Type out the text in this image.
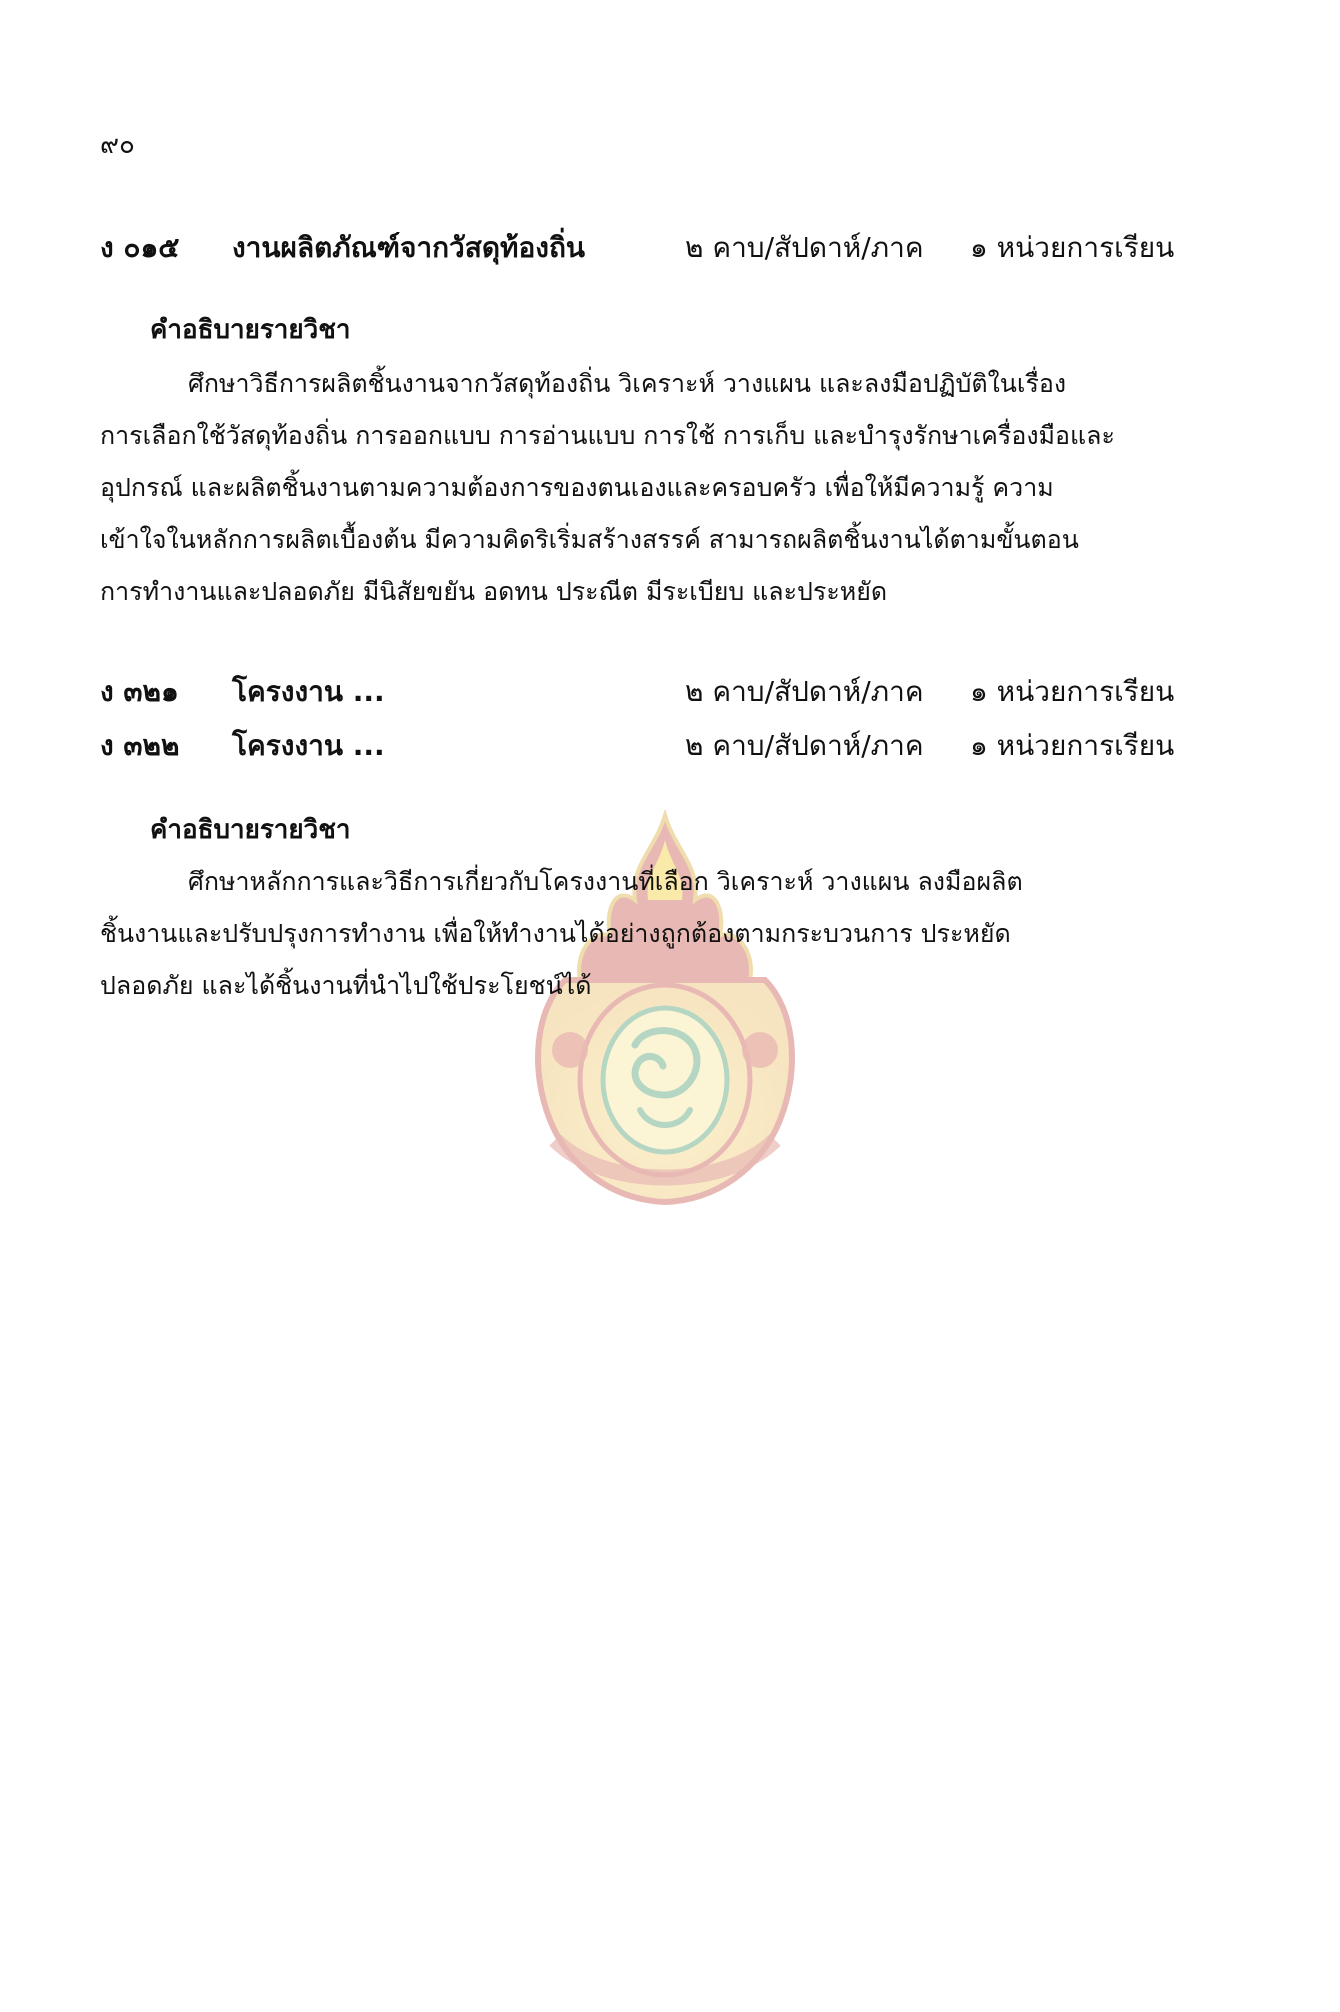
๙๐
ง ๐๑๕ งานผลิตภัณฑ์จากวัสดุท้องถิ่น	๒ คาบ/สัปดาห์/ภาค ๑ หน่วยการเรียน
คำอธิบายรายวิชา
ศึกษาวิธีการผลิตชิ้นงานจากวัสดุท้องถิ่น วิเคราะห์ วางแผน และลงมือปฏิบัติในเรื่อง
การเลือกใช้วัสดุท้องถิ่น การออกแบบ การอ่านแบบ การใช้ การเก็บ และบำรุงรักษาเครื่องมือและ
อุปกรณ์ และผลิตชิ้นงานตามความต้องการของตนเองและครอบครัว เพื่อให้มีความรู้ ความ
เข้าใจในหลักการผลิตเบื้องต้น มีความคิดริเริ่มสร้างสรรค์ สามารถผลิตชิ้นงานได้ตามขั้นตอน
การทำงานและปลอดภัย มีนิสัยขยัน อดทน ประณีต มีระเบียบ และประหยัด
ง ๓๒๑ โครงงาน ...	๒ คาบ/สัปดาห์/ภาค ๑ หน่วยการเรียน
ง ๓๒๒ โครงงาน ...	๒ คาบ/สัปดาห์/ภาค ๑ หน่วยการเรียน
คำอธิบายรายวิชา
ศึกษาหลักการและวิธีการเกี่ยวกับโครงงานที่เลือก วิเคราะห์ วางแผน ลงมือผลิต
ชิ้นงานและปรับปรุงการทำงาน เพื่อให้ทำงานได้อย่างถูกต้องตามกระบวนการ ประหยัด
ปลอดภัย และได้ชิ้นงานที่นำไปใช้ประโยชน์ได้
